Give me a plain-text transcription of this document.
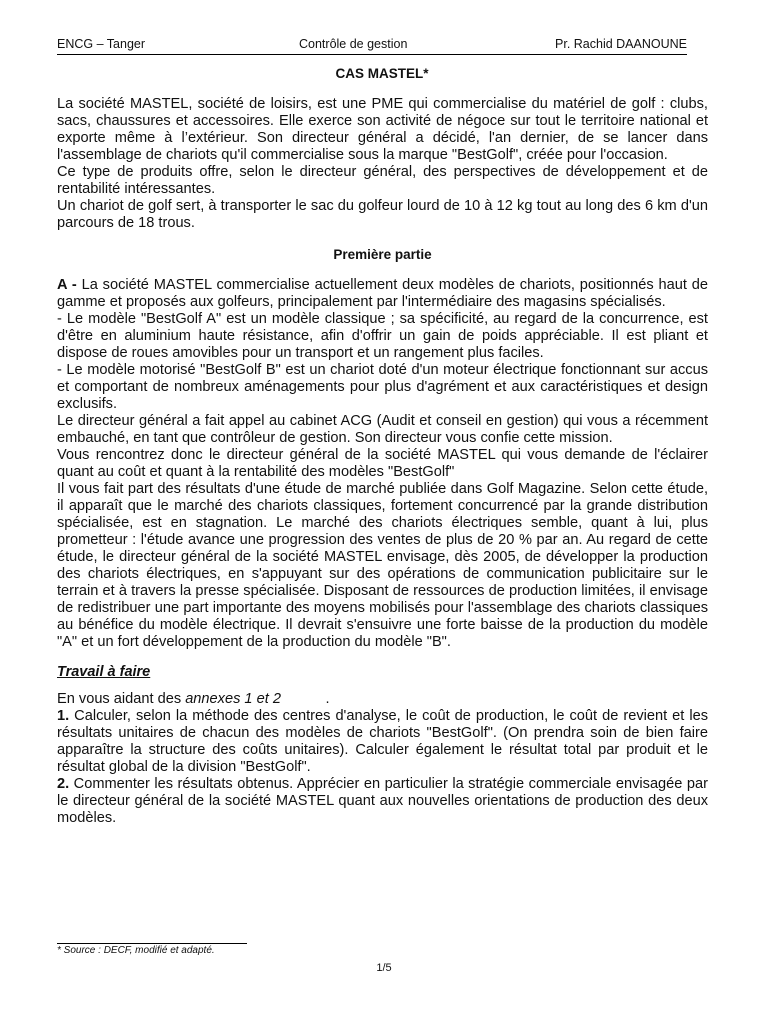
ENCG – Tanger	Contrôle de gestion	Pr. Rachid DAANOUNE
CAS MASTEL*

La société MASTEL, société de loisirs, est une PME qui commercialise du matériel de golf : clubs, sacs, chaussures et accessoires. Elle exerce son activité de négoce sur tout le territoire national et exporte même à l’extérieur. Son directeur général a décidé, l'an dernier, de se lancer dans l'assemblage de chariots qu'il commercialise sous la marque "BestGolf", créée pour l'occasion.

Ce type de produits offre, selon le directeur général, des perspectives de développement et de rentabilité intéressantes.

Un chariot de golf sert, à transporter le sac du golfeur lourd de 10 à 12 kg tout au long des 6 km d'un parcours de 18 trous.

Première partie

A - La société MASTEL commercialise actuellement deux modèles de chariots, positionnés haut de gamme et proposés aux golfeurs, principalement par l'intermédiaire des magasins spécialisés.

- Le modèle "BestGolf A" est un modèle classique ; sa spécificité, au regard de la concurrence, est d'être en aluminium haute résistance, afin d'offrir un gain de poids appréciable. Il est pliant et dispose de roues amovibles pour un transport et un rangement plus faciles.

- Le modèle motorisé "BestGolf B" est un chariot doté d'un moteur électrique fonctionnant sur accus et comportant de nombreux aménagements pour plus d'agrément et aux caractéristiques et design exclusifs.

Le directeur général a fait appel au cabinet ACG (Audit et conseil en gestion) qui vous a récemment embauché, en tant que contrôleur de gestion. Son directeur vous confie cette mission.

Vous rencontrez donc le directeur général de la société MASTEL qui vous demande de l'éclairer quant au coût et quant à la rentabilité des modèles "BestGolf"

Il vous fait part des résultats d'une étude de marché publiée dans Golf Magazine. Selon cette étude, il apparaît que le marché des chariots classiques, fortement concurrencé par la grande distribution spécialisée, est en stagnation. Le marché des chariots électriques semble, quant à lui, plus prometteur : l'étude avance une progression des ventes de plus de 20 % par an. Au regard de cette étude, le directeur général de la société MASTEL envisage, dès 2005, de développer la production des chariots électriques, en s'appuyant sur des opérations de communication publicitaire sur le terrain et à travers la presse spécialisée. Disposant de ressources de production limitées, il envisage de redistribuer une part importante des moyens mobilisés pour l'assemblage des chariots classiques au bénéfice du modèle électrique. Il devrait s'ensuivre une forte baisse de la production du modèle "A" et un fort développement de la production du modèle "B".

Travail à faire

En vous aidant des annexes 1 et 2           .

1. Calculer, selon la méthode des centres d'analyse, le coût de production, le coût de revient et les résultats unitaires de chacun des modèles de chariots "BestGolf". (On prendra soin de bien faire apparaître la structure des coûts unitaires). Calculer également le résultat total par produit et le résultat global de la division "BestGolf".

2. Commenter les résultats obtenus. Apprécier en particulier la stratégie commerciale envisagée par le directeur général de la société MASTEL quant aux nouvelles orientations de production des deux modèles.

* Source : DECF, modifié et adapté.
1/5
